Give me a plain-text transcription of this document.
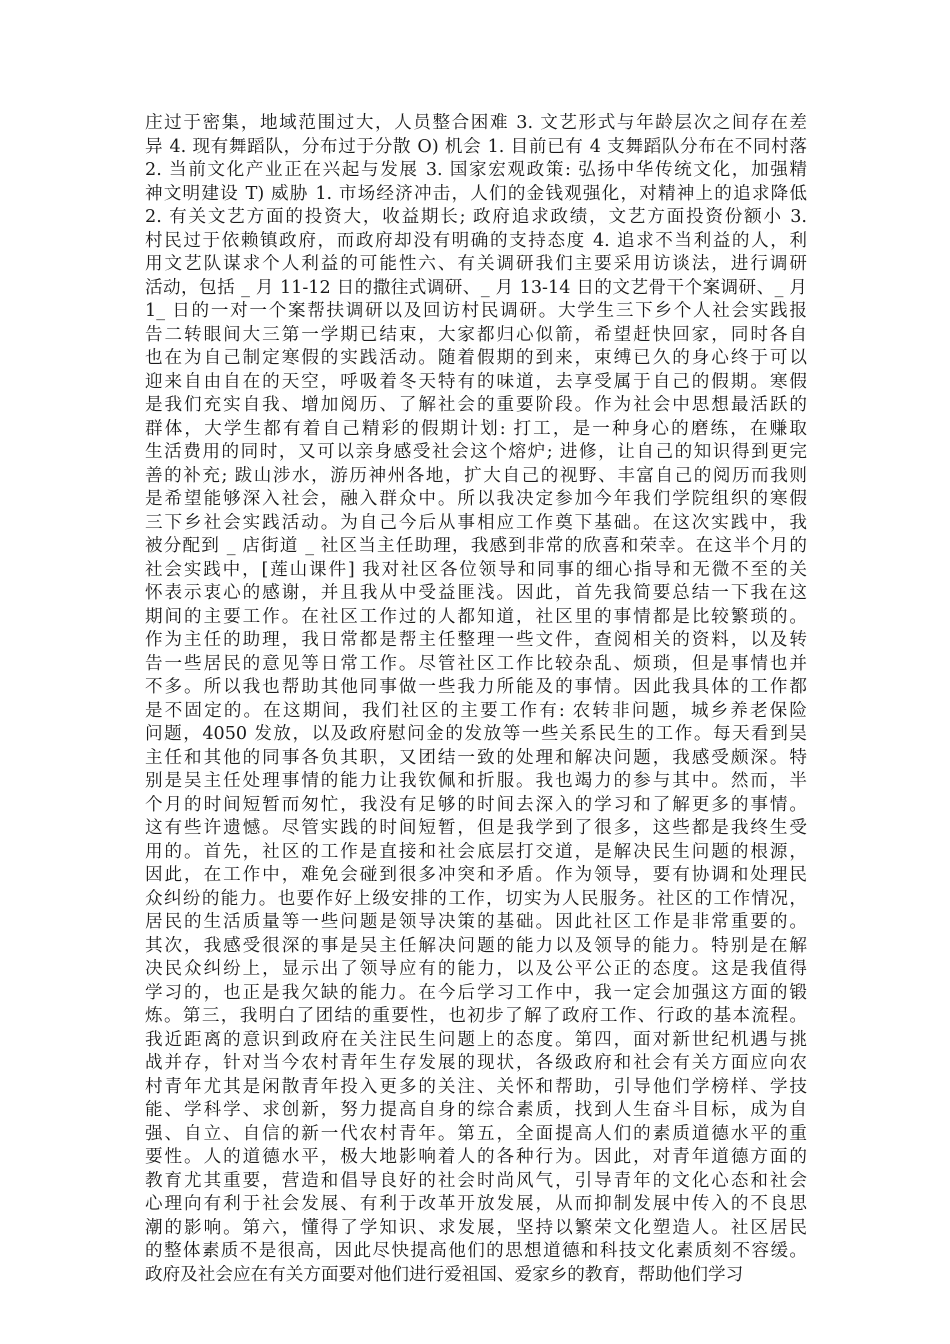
庄过于密集，地域范围过大，人员整合困难 3. 文艺形式与年龄层次之间存在差
异 4. 现有舞蹈队，分布过于分散 O) 机会 1. 目前已有 4 支舞蹈队分布在不同村落
2. 当前文化产业正在兴起与发展 3. 国家宏观政策: 弘扬中华传统文化，加强精
神文明建设 T) 威胁 1. 市场经济冲击，人们的金钱观强化，对精神上的追求降低
2. 有关文艺方面的投资大，收益期长; 政府追求政绩，文艺方面投资份额小 3.
村民过于依赖镇政府，而政府却没有明确的支持态度 4. 追求不当利益的人，利
用文艺队谋求个人利益的可能性六、有关调研我们主要采用访谈法，进行调研
活动，包括 _ 月 11-12 日的撒往式调研、_ 月 13-14 日的文艺骨干个案调研、_ 月
1_ 日的一对一个案帮扶调研以及回访村民调研。大学生三下乡个人社会实践报
告二转眼间大三第一学期已结束，大家都归心似箭，希望赶快回家，同时各自
也在为自己制定寒假的实践活动。随着假期的到来，束缚已久的身心终于可以
迎来自由自在的天空，呼吸着冬天特有的味道，去享受属于自己的假期。寒假
是我们充实自我、增加阅历、了解社会的重要阶段。作为社会中思想最活跃的
群体，大学生都有着自己精彩的假期计划: 打工，是一种身心的磨练，在赚取
生活费用的同时，又可以亲身感受社会这个熔炉; 进修，让自己的知识得到更完
善的补充; 跋山涉水，游历神州各地，扩大自己的视野、丰富自己的阅历而我则
是希望能够深入社会，融入群众中。所以我决定参加今年我们学院组织的寒假
三下乡社会实践活动。为自己今后从事相应工作奠下基础。在这次实践中，我
被分配到 _ 店街道 _ 社区当主任助理，我感到非常的欣喜和荣幸。在这半个月的
社会实践中，[莲山课件] 我对社区各位领导和同事的细心指导和无微不至的关
怀表示衷心的感谢，并且我从中受益匪浅。因此，首先我简要总结一下我在这
期间的主要工作。在社区工作过的人都知道，社区里的事情都是比较繁琐的。
作为主任的助理，我日常都是帮主任整理一些文件，查阅相关的资料，以及转
告一些居民的意见等日常工作。尽管社区工作比较杂乱、烦琐，但是事情也并
不多。所以我也帮助其他同事做一些我力所能及的事情。因此我具体的工作都
是不固定的。在这期间，我们社区的主要工作有: 农转非问题，城乡养老保险
问题，4050 发放，以及政府慰问金的发放等一些关系民生的工作。每天看到吴
主任和其他的同事各负其职，又团结一致的处理和解决问题，我感受颇深。特
别是吴主任处理事情的能力让我钦佩和折服。我也竭力的参与其中。然而，半
个月的时间短暂而匆忙，我没有足够的时间去深入的学习和了解更多的事情。
这有些许遗憾。尽管实践的时间短暂，但是我学到了很多，这些都是我终生受
用的。首先，社区的工作是直接和社会底层打交道，是解决民生问题的根源，
因此，在工作中，难免会碰到很多冲突和矛盾。作为领导，要有协调和处理民
众纠纷的能力。也要作好上级安排的工作，切实为人民服务。社区的工作情况，
居民的生活质量等一些问题是领导决策的基础。因此社区工作是非常重要的。
其次，我感受很深的事是吴主任解决问题的能力以及领导的能力。特别是在解
决民众纠纷上，显示出了领导应有的能力，以及公平公正的态度。这是我值得
学习的，也正是我欠缺的能力。在今后学习工作中，我一定会加强这方面的锻
炼。第三，我明白了团结的重要性，也初步了解了政府工作、行政的基本流程。
我近距离的意识到政府在关注民生问题上的态度。第四，面对新世纪机遇与挑
战并存，针对当今农村青年生存发展的现状，各级政府和社会有关方面应向农
村青年尤其是闲散青年投入更多的关注、关怀和帮助，引导他们学榜样、学技
能、学科学、求创新，努力提高自身的综合素质，找到人生奋斗目标，成为自
强、自立、自信的新一代农村青年。第五，全面提高人们的素质道德水平的重
要性。人的道德水平，极大地影响着人的各种行为。因此，对青年道德方面的
教育尤其重要，营造和倡导良好的社会时尚风气，引导青年的文化心态和社会
心理向有利于社会发展、有利于改革开放发展，从而抑制发展中传入的不良思
潮的影响。第六，懂得了学知识、求发展，坚持以繁荣文化塑造人。社区居民
的整体素质不是很高，因此尽快提高他们的思想道德和科技文化素质刻不容缓。
政府及社会应在有关方面要对他们进行爱祖国、爱家乡的教育，帮助他们学习
